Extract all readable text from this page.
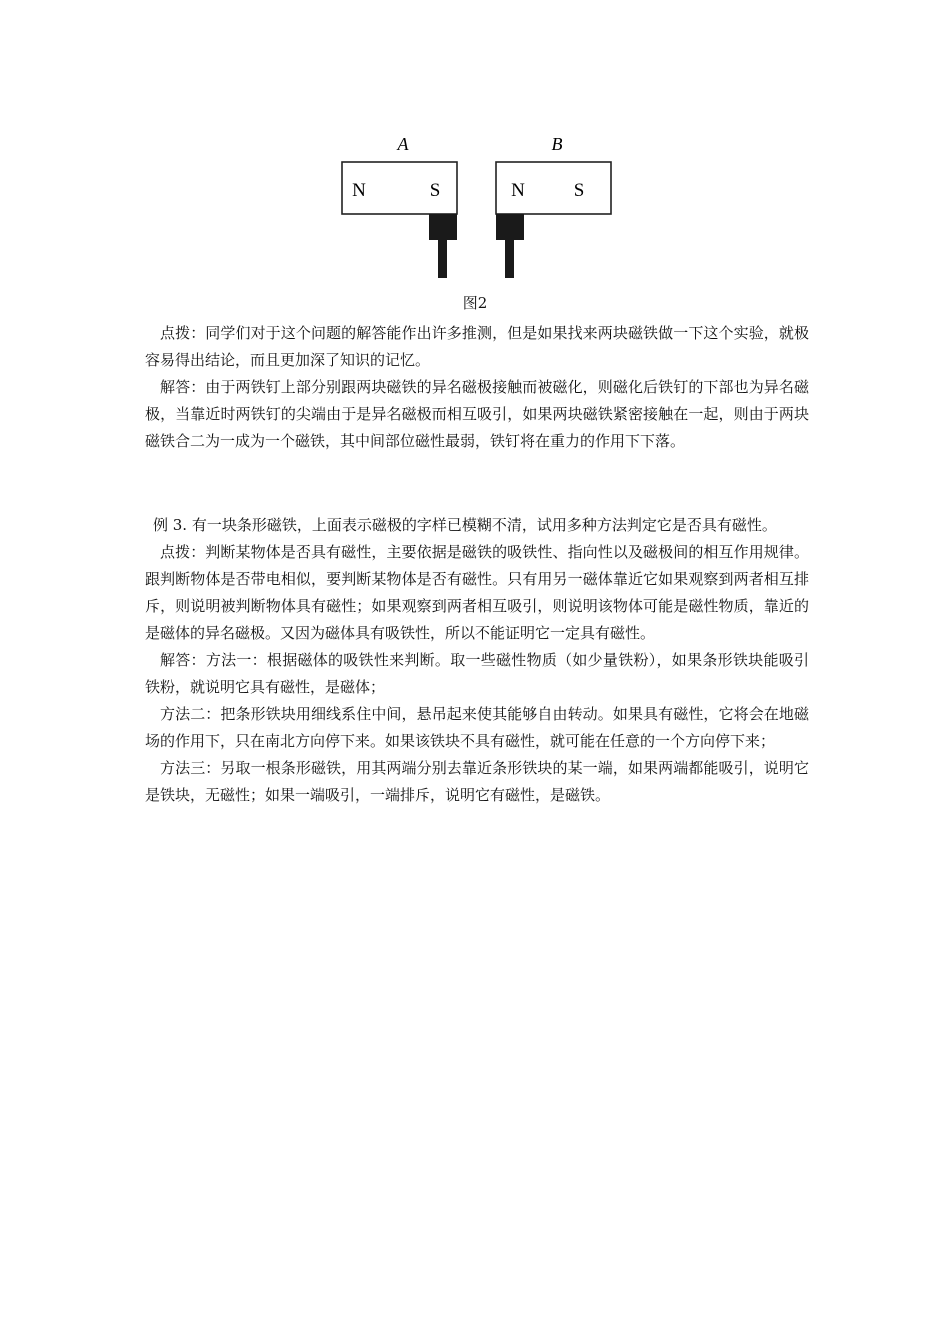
A	B
N	S	N	S
图2

点拨：同学们对于这个问题的解答能作出许多推测，但是如果找来两块磁铁做一下这个实验，就极容易得出结论，而且更加深了知识的记忆。

解答：由于两铁钉上部分别跟两块磁铁的异名磁极接触而被磁化，则磁化后铁钉的下部也为异名磁极，当靠近时两铁钉的尖端由于是异名磁极而相互吸引，如果两块磁铁紧密接触在一起，则由于两块磁铁合二为一成为一个磁铁，其中间部位磁性最弱，铁钉将在重力的作用下下落。

例 3. 有一块条形磁铁，上面表示磁极的字样已模糊不清，试用多种方法判定它是否具有磁性。

点拨：判断某物体是否具有磁性，主要依据是磁铁的吸铁性、指向性以及磁极间的相互作用规律。跟判断物体是否带电相似，要判断某物体是否有磁性。只有用另一磁体靠近它如果观察到两者相互排斥，则说明被判断物体具有磁性；如果观察到两者相互吸引，则说明该物体可能是磁性物质，靠近的是磁体的异名磁极。又因为磁体具有吸铁性，所以不能证明它一定具有磁性。

解答：方法一：根据磁体的吸铁性来判断。取一些磁性物质（如少量铁粉），如果条形铁块能吸引铁粉，就说明它具有磁性，是磁体；

方法二：把条形铁块用细线系住中间，悬吊起来使其能够自由转动。如果具有磁性，它将会在地磁场的作用下，只在南北方向停下来。如果该铁块不具有磁性，就可能在任意的一个方向停下来；

方法三：另取一根条形磁铁，用其两端分别去靠近条形铁块的某一端，如果两端都能吸引，说明它是铁块，无磁性；如果一端吸引，一端排斥，说明它有磁性，是磁铁。
